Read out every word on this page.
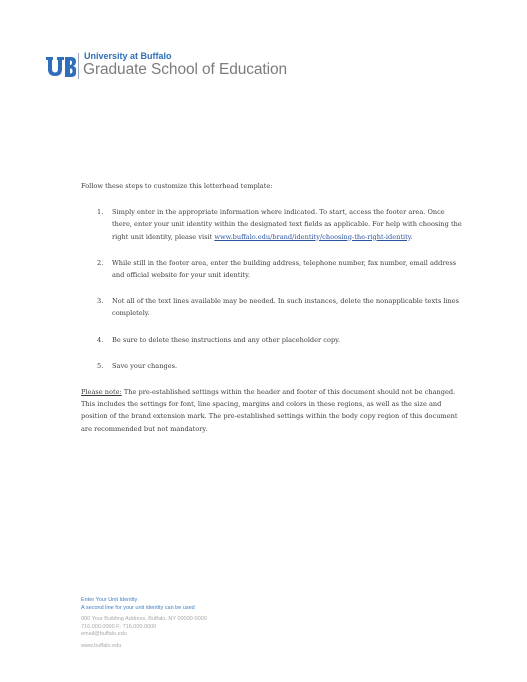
University at Buffalo
Graduate School of Education

Follow these steps to customize this letterhead template:

1. Simply enter in the appropriate information where indicated. To start, access the footer area. Once there, enter your unit identity within the designated text fields as applicable. For help with choosing the right unit identity, please visit www.buffalo.edu/brand/identity/choosing-the-right-identity.
2. While still in the footer area, enter the building address, telephone number, fax number, email address and official website for your unit identity.
3. Not all of the text lines available may be needed. In such instances, delete the nonapplicable texts lines completely.
4. Be sure to delete these instructions and any other placeholder copy.
5. Save your changes.

Please note: The pre-established settings within the header and footer of this document should not be changed. This includes the settings for font, line spacing, margins and colors in these regions, as well as the size and position of the brand extension mark. The pre-established settings within the body copy region of this document are recommended but not mandatory.

Enter Your Unit Identity
A second line for your unit identity can be used
000 Your Building Address, Buffalo, NY 00000-0000
716.000.0000 F: 716.000.0000
email@buffalo.edu
www.buffalo.edu
